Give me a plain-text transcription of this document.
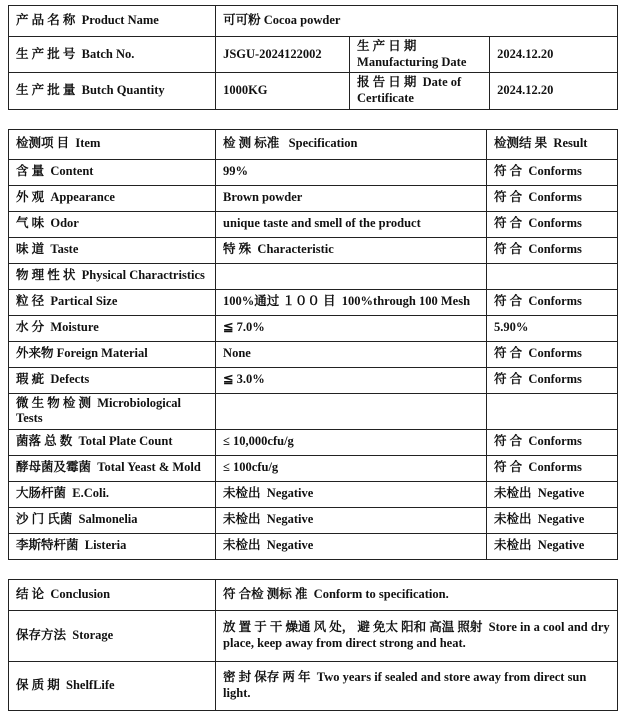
产 品 名 称  Product Name	可可粉 Cocoa powder		
生 产 批 号  Batch No.	JSGU-2024122002	生 产 日 期  Manufacturing Date	2024.12.20
生 产 批 量  Butch Quantity	1000KG	报 告 日 期  Date of Certificate	2024.12.20
检测项 目  Item	检 测 标准   Specification	检测结 果  Result
含 量  Content	99%	符 合  Conforms
外 观  Appearance	Brown powder	符 合  Conforms
气 味  Odor	unique taste and smell of the product	符 合  Conforms
味 道  Taste	特 殊  Characteristic	符 合  Conforms
物 理 性 状  Physical Charactristics		
粒 径  Partical Size	100%通过 １００ 目  100%through 100 Mesh	符 合  Conforms
水 分  Moisture	≦ 7.0%	5.90%
外来物 Foreign Material	None	符 合  Conforms
瑕 疵  Defects	≦ 3.0%	符 合  Conforms
微 生 物 检 测  Microbiological Tests		
菌落 总 数  Total Plate Count	≤ 10,000cfu/g	符 合  Conforms
酵母菌及霉菌  Total Yeast & Mold	≤ 100cfu/g	符 合  Conforms
大肠杆菌  E.Coli.	未检出  Negative	未检出  Negative
沙 门 氏菌  Salmonelia	未检出  Negative	未检出  Negative
李斯特杆菌  Listeria	未检出  Negative	未检出  Negative
结 论  Conclusion	符 合检 测标 准  Conform to specification.
保存方法  Storage	放 置 于 干 燥通 风 处， 避 免太 阳和 高温 照射  Store in a cool and dry place, keep away from direct strong and heat.
保 质 期  ShelfLife	密 封 保存 两 年  Two years if sealed and store away from direct sun light.
